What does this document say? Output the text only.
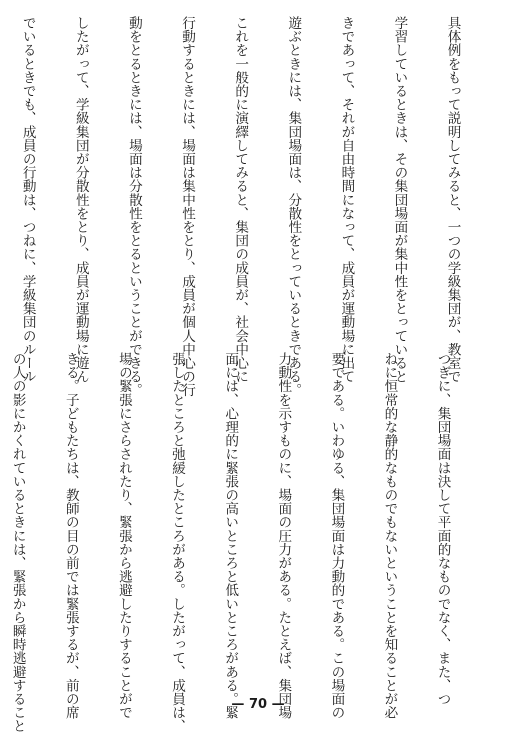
具体例をもって説明してみると、一つの学級集団が、教室で

学習しているときは、その集団場面が集中性をとっていると

きであって、それが自由時間になって、成員が運動場に出て

遊ぶときには、集団場面は、分散性をとっているときである。

これを一般的に演繹してみると、集団の成員が、社会中心に

行動するときには、場面は集中性をとり、成員が個人中心の行

動をとるときには、場面は分散性をとるということができる。

したがって、学級集団が分散性をとり、成員が運動場に遊ん

でいるときでも、成員の行動は、つねに、学級集団のルール

つぎに、集団場面は決して平面的なものでなく、また、つ

ねに恒常的な静的なものでもないということを知ることが必

要である。いわゆる、集団場面は力動的である。この場面の

力動性を示すものに、場面の圧力がある。たとえば、集団場

面には、心理的に緊張の高いところと低いところがある。緊

張したところと弛緩したところがある。したがって、成員は、

場の緊張にさらされたり、緊張から逃避したりすることがで

きる。子どもたちは、教師の目の前では緊張するが、前の席

の人の影にかくれているときには、緊張から瞬時逃避すること

	— 70 —
